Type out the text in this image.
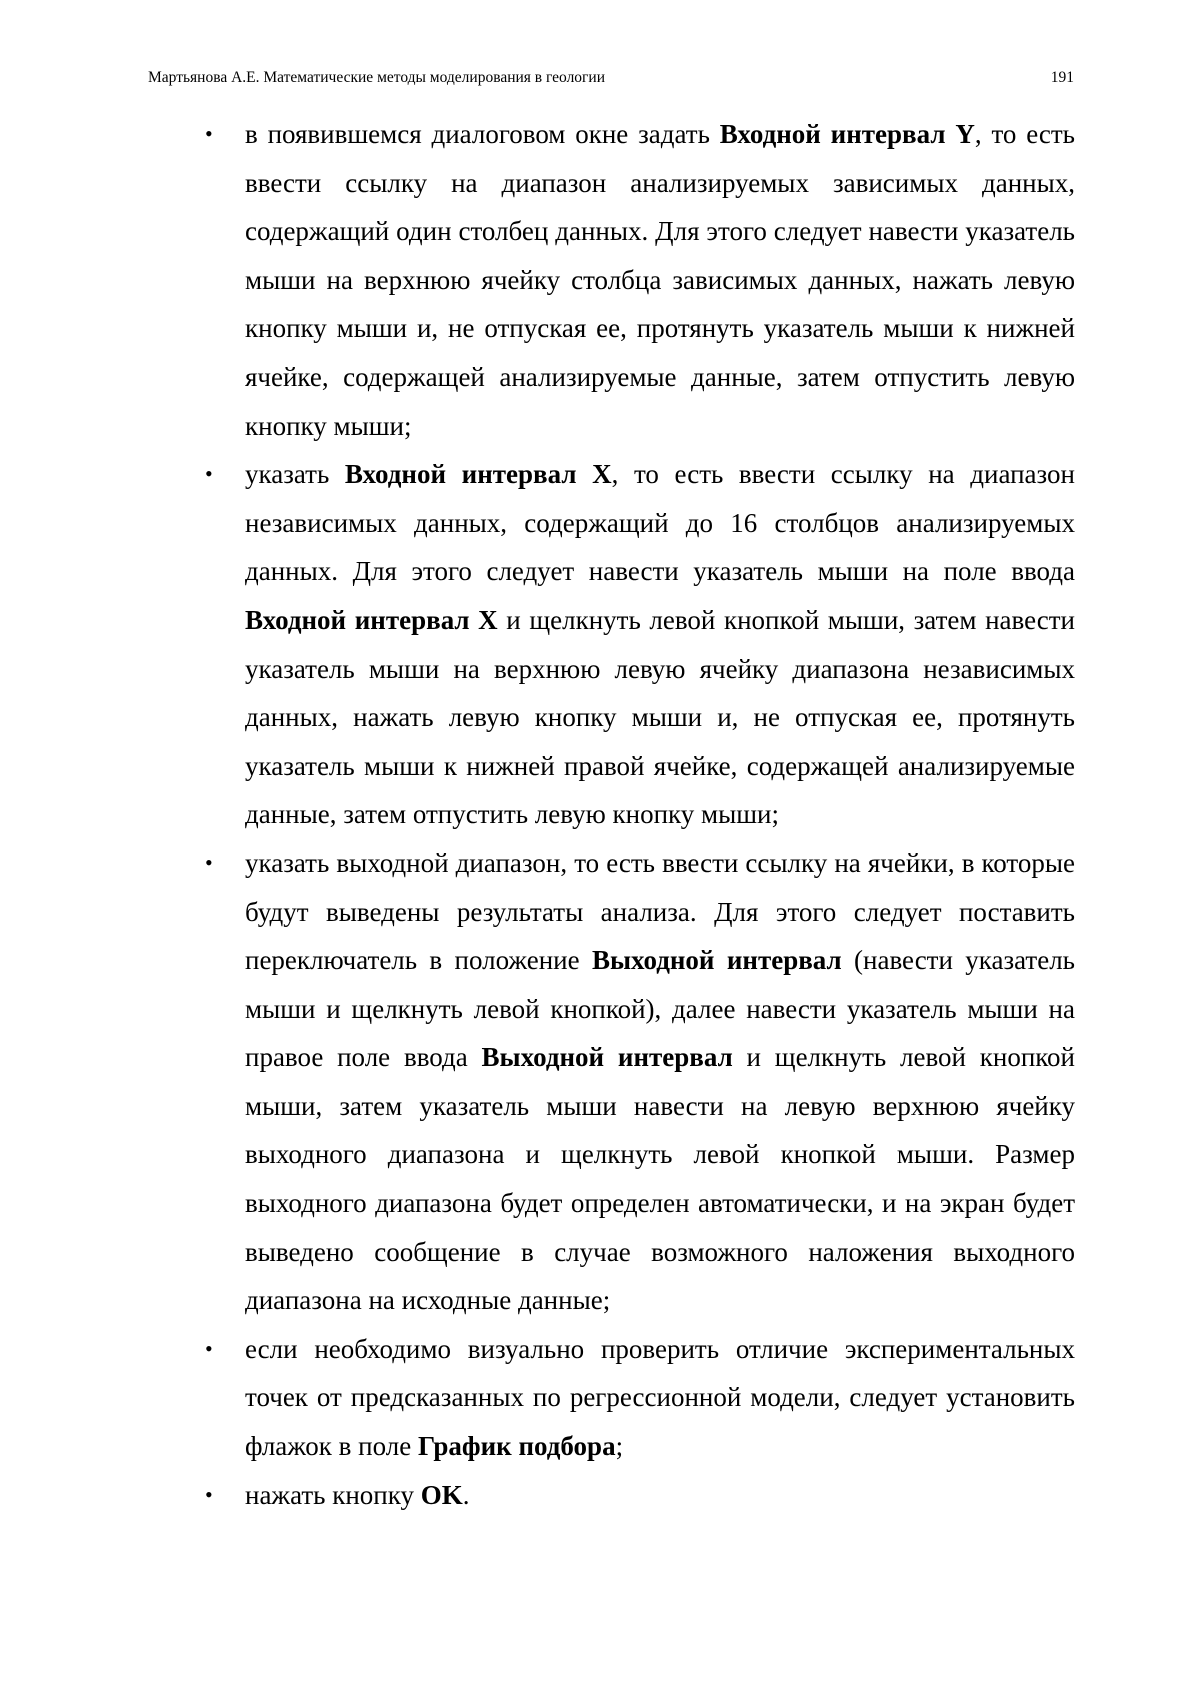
Мартьянова А.Е. Математические методы моделирования в геологии	191
•	в появившемся диалоговом окне задать Входной интервал Y, то есть ввести ссылку на диапазон анализируемых зависимых данных, содержащий один столбец данных. Для этого следует навести указатель мыши на верхнюю ячейку столбца зависимых данных, нажать левую кнопку мыши и, не отпуская ее, протянуть указатель мыши к нижней ячейке, содержащей анализируемые данные, затем отпустить левую кнопку мыши;
•	указать Входной интервал X, то есть ввести ссылку на диапазон независимых данных, содержащий до 16 столбцов анализируемых данных. Для этого следует навести указатель мыши на поле ввода Входной интервал X и щелкнуть левой кнопкой мыши, затем навести указатель мыши на верхнюю левую ячейку диапазона независимых данных, нажать левую кнопку мыши и, не отпуская ее, протянуть указатель мыши к нижней правой ячейке, содержащей анализируемые данные, затем отпустить левую кнопку мыши;
•	указать выходной диапазон, то есть ввести ссылку на ячейки, в которые будут выведены результаты анализа. Для этого следует поставить переключатель в положение Выходной интервал (навести указатель мыши и щелкнуть левой кнопкой), далее навести указатель мыши на правое поле ввода Выходной интервал и щелкнуть левой кнопкой мыши, затем указатель мыши навести на левую верхнюю ячейку выходного диапазона и щелкнуть левой кнопкой мыши. Размер выходного диапазона будет определен автоматически, и на экран будет выведено сообщение в случае возможного наложения выходного диапазона на исходные данные;
•	если необходимо визуально проверить отличие экспериментальных точек от предсказанных по регрессионной модели, следует установить флажок в поле График подбора;
•	нажать кнопку OK.
